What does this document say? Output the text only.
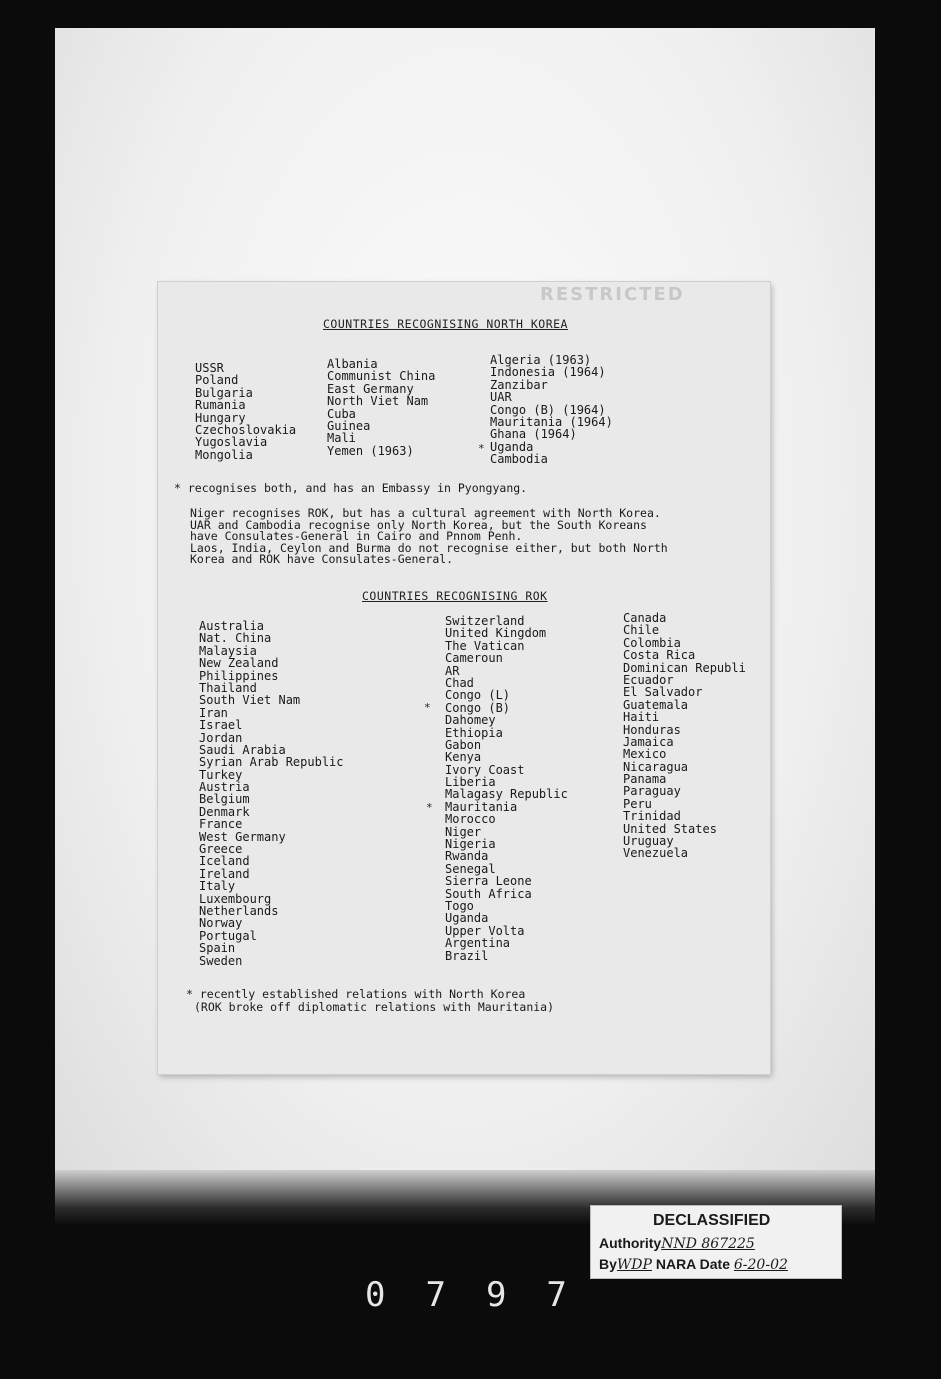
COUNTRIES RECOGNISING NORTH KOREA
USSR
Poland
Bulgaria
Rumania
Hungary
Czechoslovakia
Yugoslavia
Mongolia
Albania
Communist China
East Germany
North Viet Nam
Cuba
Guinea
Mali
Yemen (1963)
Algeria (1963)
Indonesia (1964)
Zanzibar
UAR
Congo (B) (1964)
Mauritania (1964)
Ghana (1964)
Uganda
Cambodia
*
* recognises both, and has an Embassy in Pyongyang.
Niger recognises ROK, but has a cultural agreement with North Korea.
UAR and Cambodia recognise only North Korea, but the South Koreans
have Consulates-General in Cairo and Pnnom Penh.
Laos, India, Ceylon and Burma do not recognise either, but both North
Korea and ROK have Consulates-General.
COUNTRIES RECOGNISING ROK
Australia
Nat. China
Malaysia
New Zealand
Philippines
Thailand
South Viet Nam
Iran
Israel
Jordan
Saudi Arabia
Syrian Arab Republic
Turkey
Austria
Belgium
Denmark
France
West Germany
Greece
Iceland
Ireland
Italy
Luxembourg
Netherlands
Norway
Portugal
Spain
Sweden
Switzerland
United Kingdom
The Vatican
Cameroun
AR
Chad
Congo (L)
Congo (B)
Dahomey
Ethiopia
Gabon
Kenya
Ivory Coast
Liberia
Malagasy Republic
Mauritania
Morocco
Niger
Nigeria
Rwanda
Senegal
Sierra Leone
South Africa
Togo
Uganda
Upper Volta
Argentina
Brazil
Canada
Chile
Colombia
Costa Rica
Dominican Republi
Ecuador
El Salvador
Guatemala
Haiti
Honduras
Jamaica
Mexico
Nicaragua
Panama
Paraguay
Peru
Trinidad
United States
Uruguay
Venezuela
*
*
* recently established relations with North Korea
(ROK broke off diplomatic relations with Mauritania)
RESTRICTED
DECLASSIFIED
AuthorityNND 867225
ByWDP NARA Date 6-20-02
0797
